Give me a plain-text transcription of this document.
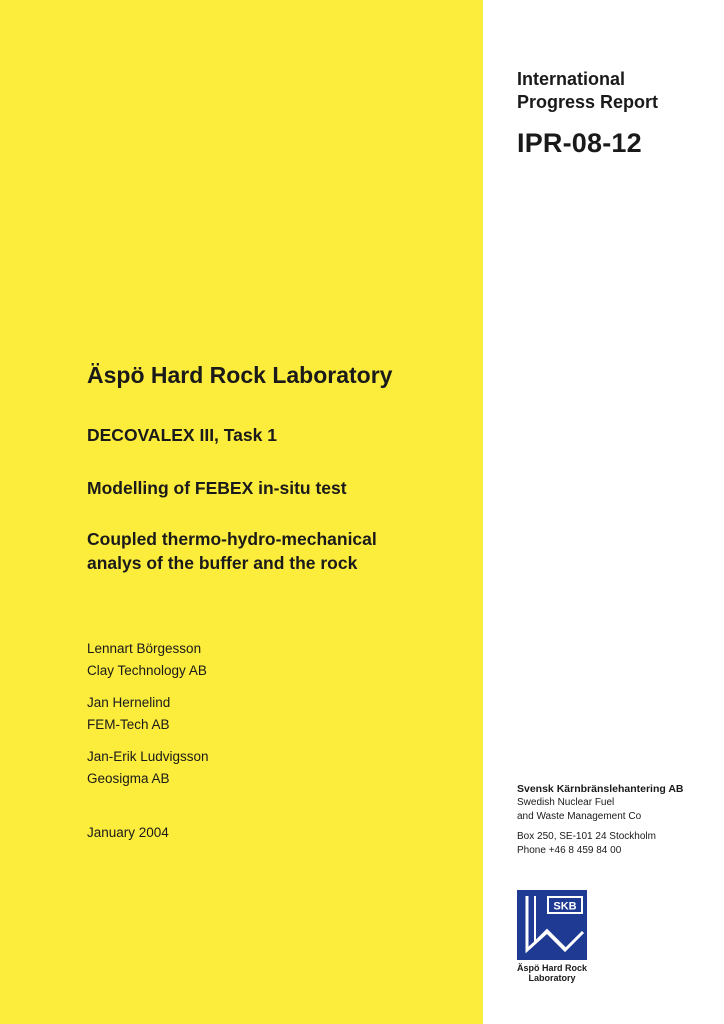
International
Progress Report
IPR-08-12
Äspö Hard Rock Laboratory
DECOVALEX III, Task 1
Modelling of FEBEX in-situ test
Coupled thermo-hydro-mechanical
analys of the buffer and the rock
Lennart Börgesson
Clay Technology AB
Jan Hernelind
FEM-Tech AB
Jan-Erik Ludvigsson
Geosigma AB
January 2004
Svensk Kärnbränslehantering AB
Swedish Nuclear Fuel
and Waste Management Co
Box 250, SE-101 24 Stockholm
Phone +46 8 459 84 00
SKB
Äspö Hard Rock
Laboratory
